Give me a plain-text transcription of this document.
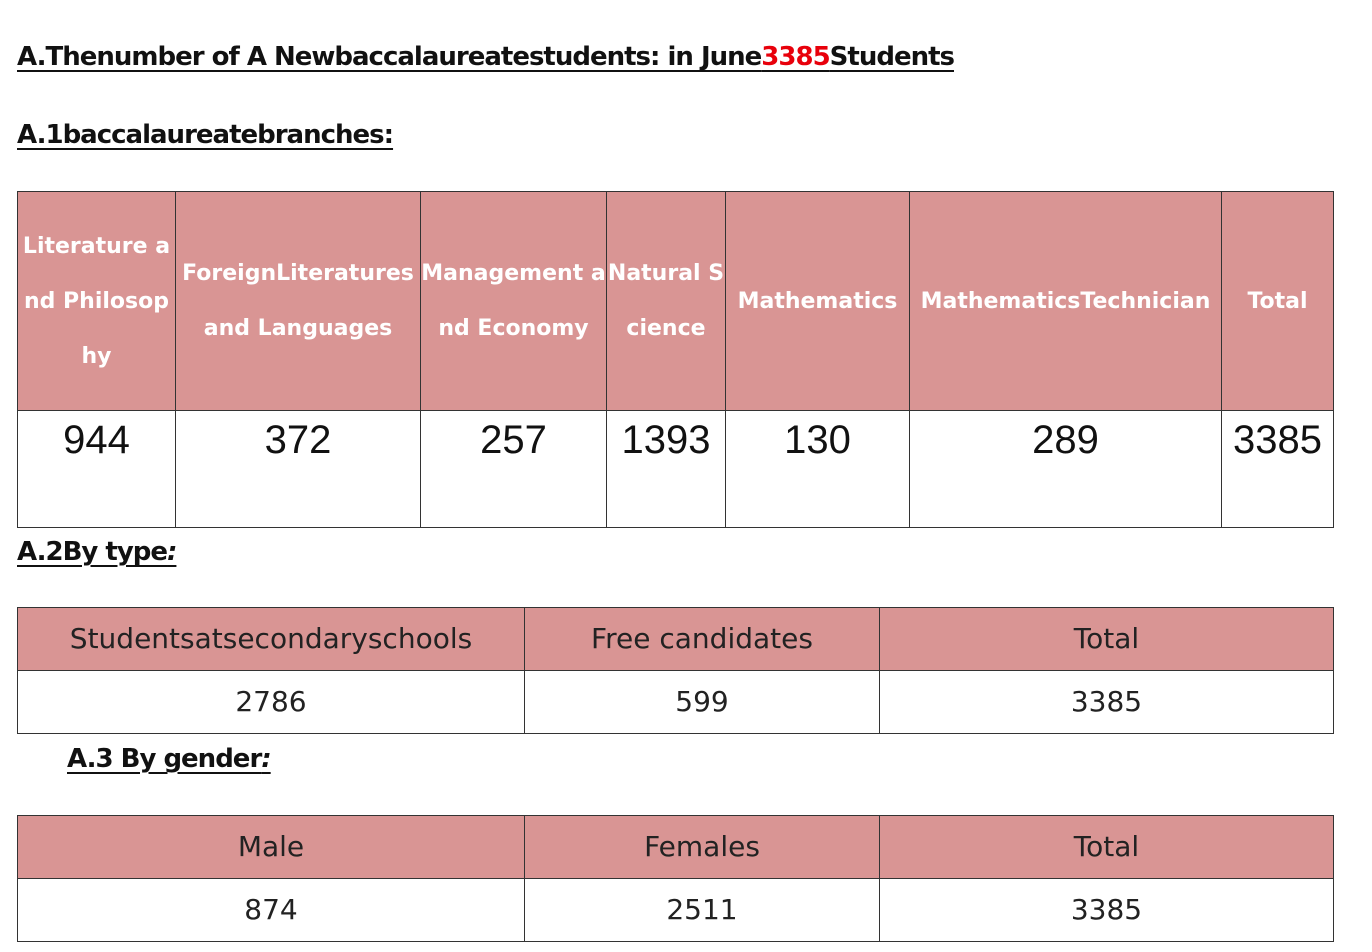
A.Thenumber of A Newbaccalaureatestudents: in June3385Students
A.1baccalaureatebranches:
Literature and Philosophy	ForeignLiteratures and Languages	Management and Economy	Natural Science	Mathematics	MathematicsTechnician	Total
944	372	257	1393	130	289	3385
A.2By type:
Studentsatsecondaryschools	Free candidates	Total
2786	599	3385
A.3 By gender:
Male	Females	Total
874	2511	3385
